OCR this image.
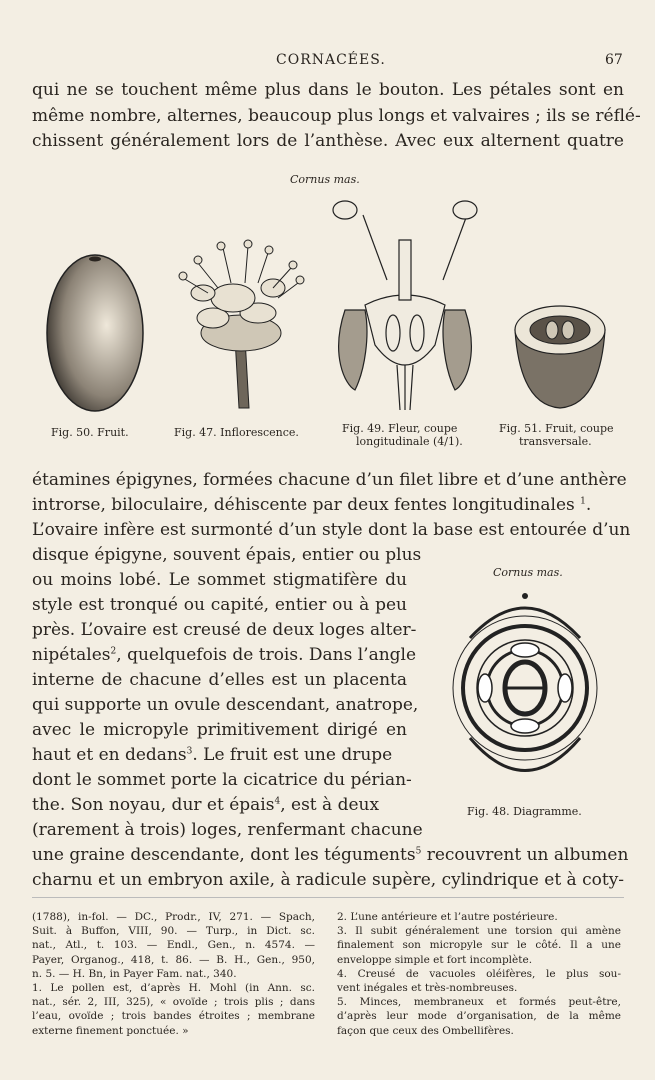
CORNACÉES.	67
qui ne se touchent même plus dans le bouton. Les pétales sont en
même nombre, alternes, beaucoup plus longs et valvaires ; ils se réflé-
chissent généralement lors de l’anthèse. Avec eux alternent quatre
Cornus mas.
Fig. 50. Fruit.	Fig. 47. Inflorescence.	Fig. 49. Fleur, coupe
longitudinale (4/1).
Fig. 51. Fruit, coupe
transversale.
étamines épigynes, formées chacune d’un filet libre et d’une anthère
introrse, biloculaire, déhiscente par deux fentes longitudinales $^1$.
L’ovaire infère est surmonté d’un style dont la base est entourée d’un
disque épigyne, souvent épais, entier ou plus
ou moins lobé. Le sommet stigmatifère du
style est tronqué ou capité, entier ou à peu
près. L’ovaire est creusé de deux loges alter-
nipétales$^2$, quelquefois de trois. Dans l’angle
interne de chacune d’elles est un placenta
qui supporte un ovule descendant, anatrope,
avec le micropyle primitivement dirigé en
haut et en dedans$^3$. Le fruit est une drupe
dont le sommet porte la cicatrice du périan-
the. Son noyau, dur et épais$^4$, est à deux
(rarement à trois) loges, renfermant chacune
une graine descendante, dont les téguments$^5$ recouvrent un albumen
charnu et un embryon axile, à radicule supère, cylindrique et à coty-
Cornus mas.
Fig. 48. Diagramme.

(1788), in-fol. — DC., Prodr., IV, 271. — Spach,

Suit. à Buffon, VIII, 90. — Turp., in Dict. sc.

nat., Atl., t. 103. — Endl., Gen., n. 4574. —

Payer, Organog., 418, t. 86. — B. H., Gen., 950,

n. 5. — H. Bn, in Payer Fam. nat., 340.

1. Le pollen est, d’après H. Mohl (in Ann. sc.

nat., sér. 2, III, 325), « ovoïde ; trois plis ; dans

l’eau, ovoïde ; trois bandes étroites ; membrane

externe finement ponctuée. »

2. L’une antérieure et l’autre postérieure.

3. Il subit généralement une torsion qui amène

finalement son micropyle sur le côté. Il a une

enveloppe simple et fort incomplète.

4. Creusé de vacuoles oléifères, le plus sou-

vent inégales et très-nombreuses.

5. Minces, membraneux et formés peut-être,

d’après leur mode d’organisation, de la même

façon que ceux des Ombellifères.
